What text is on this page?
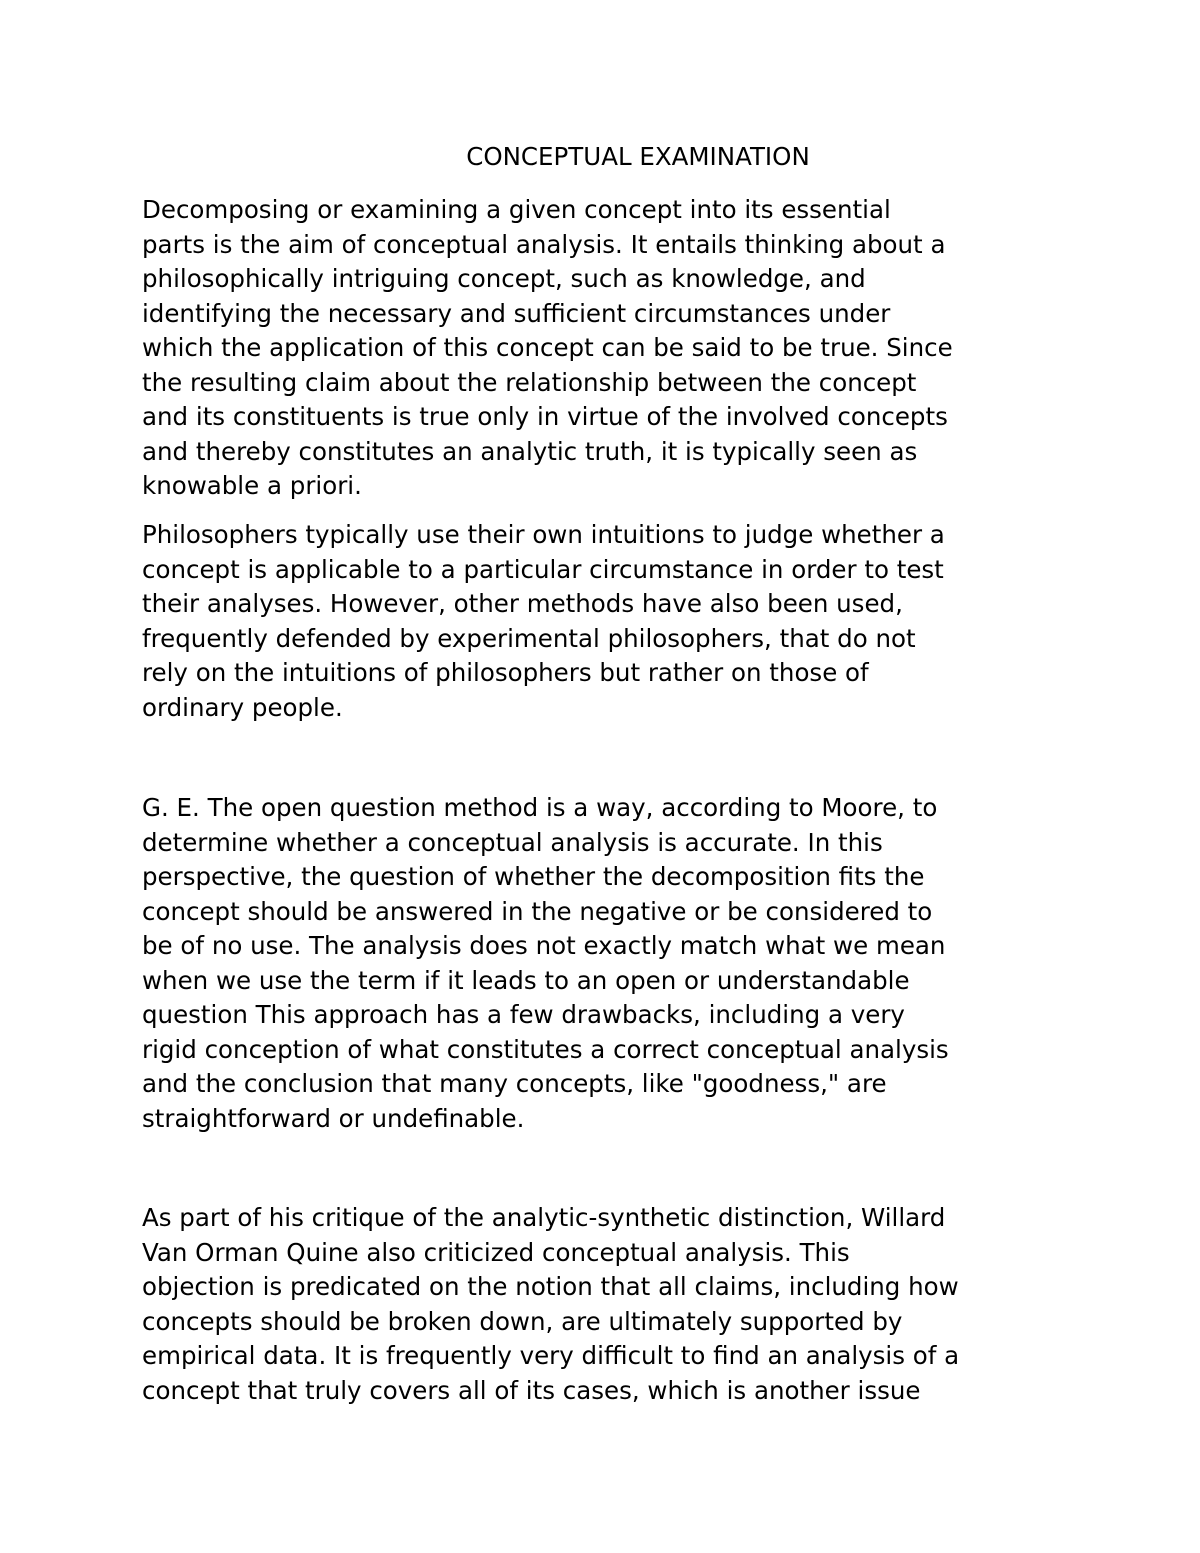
CONCEPTUAL EXAMINATION

Decomposing or examining a given concept into its essential
parts is the aim of conceptual analysis. It entails thinking about a
philosophically intriguing concept, such as knowledge, and
identifying the necessary and sufficient circumstances under
which the application of this concept can be said to be true. Since
the resulting claim about the relationship between the concept
and its constituents is true only in virtue of the involved concepts
and thereby constitutes an analytic truth, it is typically seen as
knowable a priori.

Philosophers typically use their own intuitions to judge whether a
concept is applicable to a particular circumstance in order to test
their analyses. However, other methods have also been used,
frequently defended by experimental philosophers, that do not
rely on the intuitions of philosophers but rather on those of
ordinary people.

G. E. The open question method is a way, according to Moore, to
determine whether a conceptual analysis is accurate. In this
perspective, the question of whether the decomposition fits the
concept should be answered in the negative or be considered to
be of no use. The analysis does not exactly match what we mean
when we use the term if it leads to an open or understandable
question This approach has a few drawbacks, including a very
rigid conception of what constitutes a correct conceptual analysis
and the conclusion that many concepts, like "goodness," are
straightforward or undefinable.

As part of his critique of the analytic-synthetic distinction, Willard
Van Orman Quine also criticized conceptual analysis. This
objection is predicated on the notion that all claims, including how
concepts should be broken down, are ultimately supported by
empirical data. It is frequently very difficult to find an analysis of a
concept that truly covers all of its cases, which is another issue
